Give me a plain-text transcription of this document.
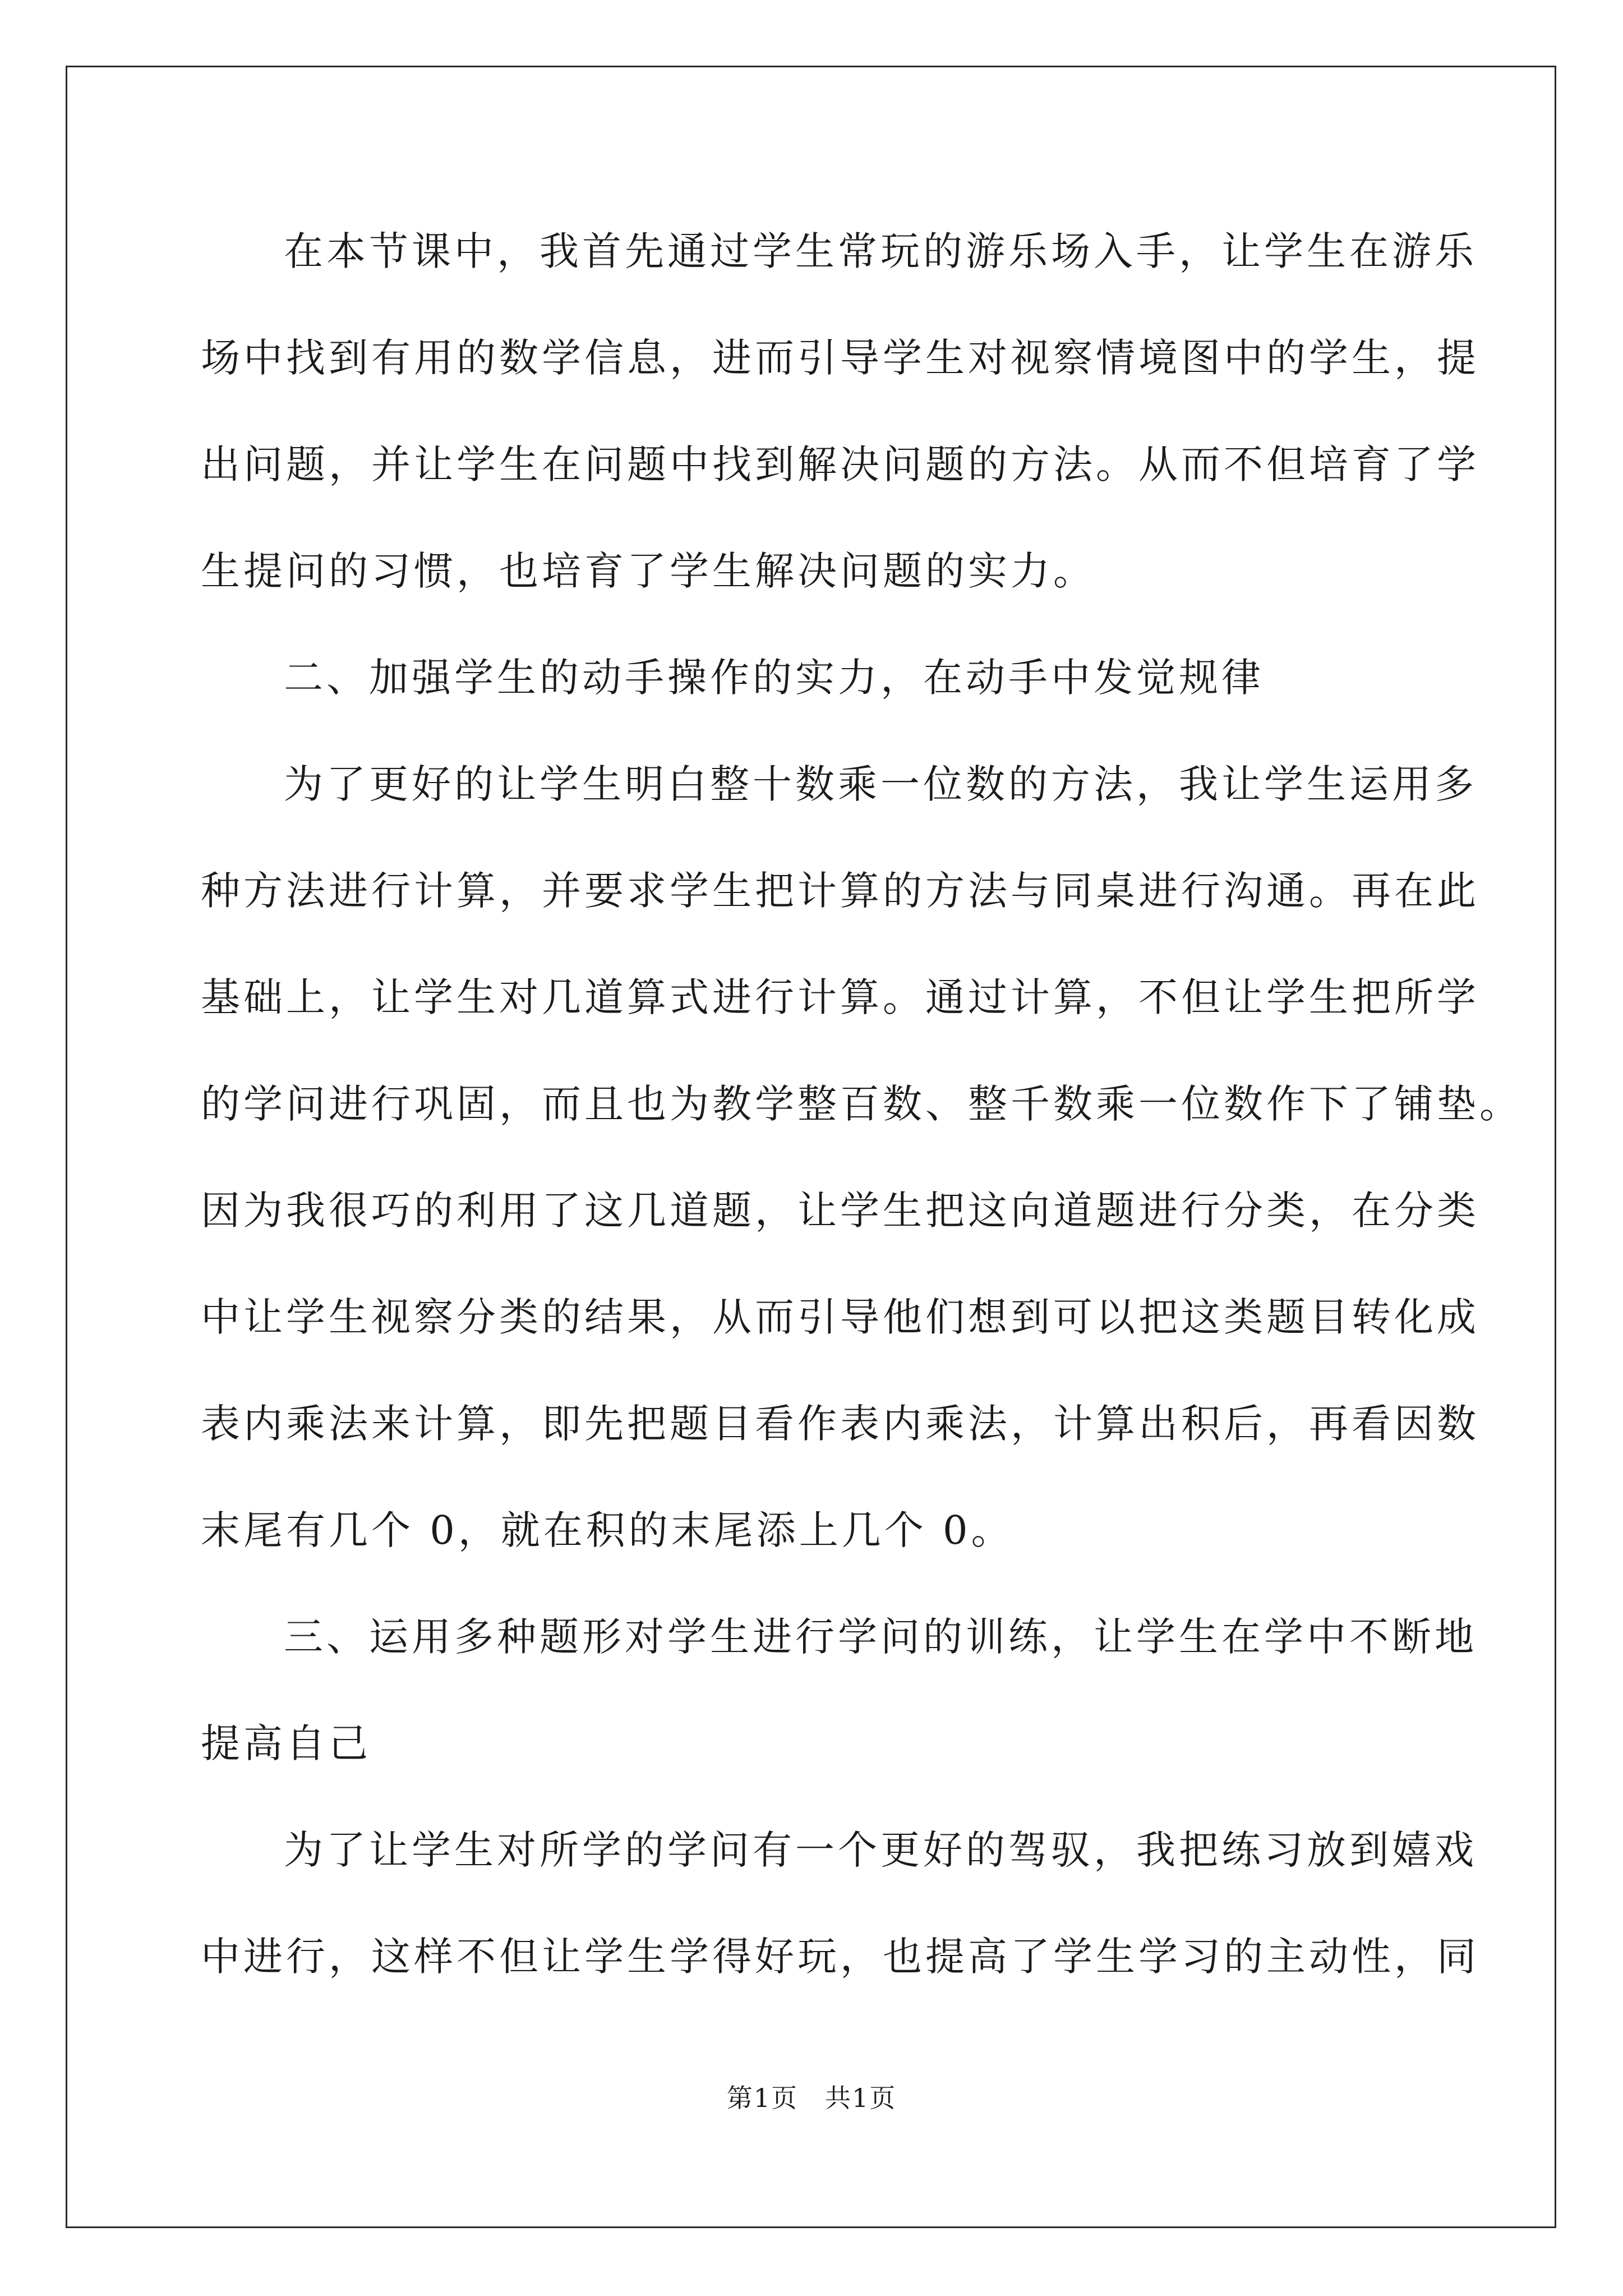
在本节课中，我首先通过学生常玩的游乐场入手，让学生在游乐
场中找到有用的数学信息，进而引导学生对视察情境图中的学生，提
出问题，并让学生在问题中找到解决问题的方法。从而不但培育了学
生提问的习惯，也培育了学生解决问题的实力。
二、加强学生的动手操作的实力，在动手中发觉规律
为了更好的让学生明白整十数乘一位数的方法，我让学生运用多
种方法进行计算，并要求学生把计算的方法与同桌进行沟通。再在此
基础上，让学生对几道算式进行计算。通过计算，不但让学生把所学
的学问进行巩固，而且也为教学整百数、整千数乘一位数作下了铺垫。
因为我很巧的利用了这几道题，让学生把这向道题进行分类，在分类
中让学生视察分类的结果，从而引导他们想到可以把这类题目转化成
表内乘法来计算，即先把题目看作表内乘法，计算出积后，再看因数
末尾有几个 0，就在积的末尾添上几个 0。
三、运用多种题形对学生进行学问的训练，让学生在学中不断地
提高自己
为了让学生对所学的学问有一个更好的驾驭，我把练习放到嬉戏
中进行，这样不但让学生学得好玩，也提高了学生学习的主动性，同
第1页　共1页
